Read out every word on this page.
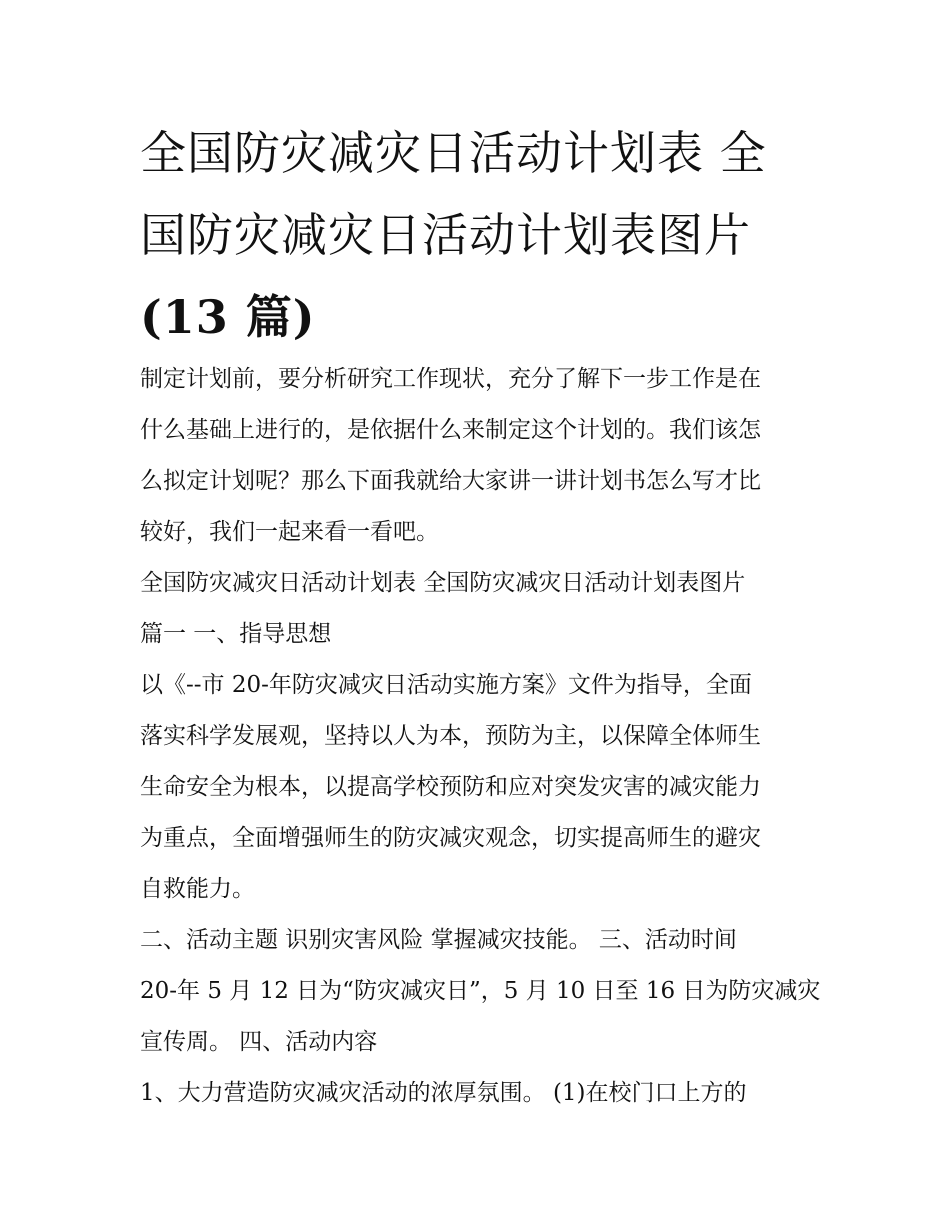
全国防灾减灾日活动计划表 全
国防灾减灾日活动计划表图片
(13 篇)
制定计划前，要分析研究工作现状，充分了解下一步工作是在
什么基础上进行的，是依据什么来制定这个计划的。我们该怎
么拟定计划呢？那么下面我就给大家讲一讲计划书怎么写才比
较好，我们一起来看一看吧。
全国防灾减灾日活动计划表 全国防灾减灾日活动计划表图片
篇一 一、指导思想
以《--市 20-年防灾减灾日活动实施方案》文件为指导，全面
落实科学发展观，坚持以人为本，预防为主，以保障全体师生
生命安全为根本，以提高学校预防和应对突发灾害的减灾能力
为重点，全面增强师生的防灾减灾观念，切实提高师生的避灾
自救能力。
二、活动主题 识别灾害风险 掌握减灾技能。 三、活动时间
20-年 5 月 12 日为“防灾减灾日”，5 月 10 日至 16 日为防灾减灾
宣传周。 四、活动内容
1、大力营造防灾减灾活动的浓厚氛围。 (1)在校门口上方的
